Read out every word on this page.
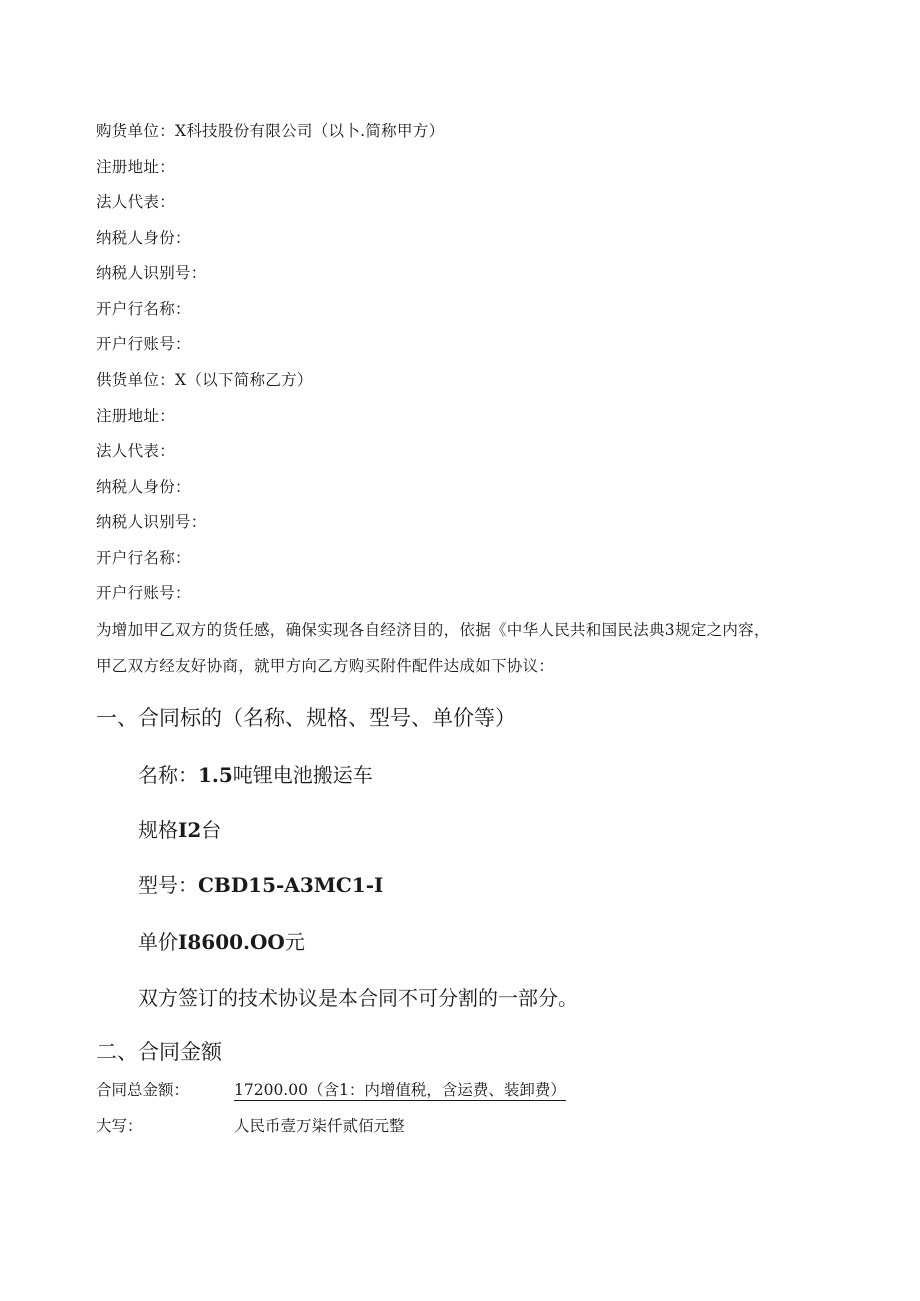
购货单位：X科技股份有限公司（以卜.简称甲方）
注册地址：
法人代表：
纳税人身份：
纳税人识别号：
开户行名称：
开户行账号：
供货单位：X（以下简称乙方）
注册地址：
法人代表：
纳税人身份：
纳税人识别号：
开户行名称：
开户行账号：
为增加甲乙双方的货任感，确保实现各自经济目的，依据《中华人民共和国民法典3规定之内容，
甲乙双方经友好协商，就甲方向乙方购买附件配件达成如下协议：
一、合同标的（名称、规格、型号、单价等）
名称：1.5吨锂电池搬运车
规格I2台
型号：CBD15-A3MC1-I
单价I8600.OO元
双方签订的技术协议是本合同不可分割的一部分。
二、合同金额
合同总金额：	17200.00（含1：内增值税，含运费、装卸费）
大写：	人民币壹万柒仟贰佰元整
